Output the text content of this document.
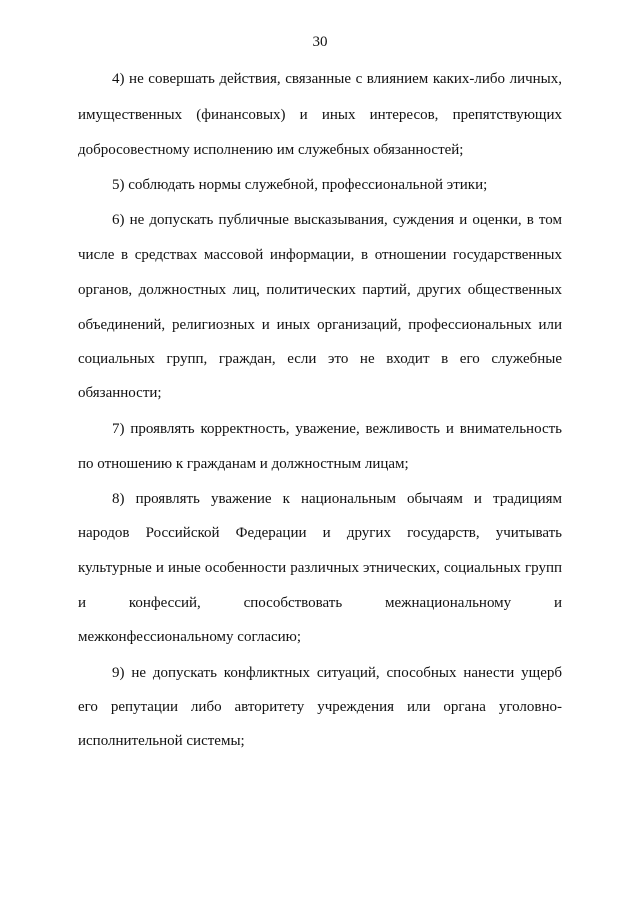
30
4) не совершать действия, связанные с влиянием каких-либо личных,
имущественных (финансовых) и иных интересов, препятствующих
добросовестному исполнению им служебных обязанностей;
5) соблюдать нормы служебной, профессиональной этики;
6) не допускать публичные высказывания, суждения и оценки, в том
числе в средствах массовой информации, в отношении государственных
органов, должностных лиц, политических партий, других общественных
объединений, религиозных и иных организаций, профессиональных или
социальных групп, граждан, если это не входит в его служебные
обязанности;
7) проявлять корректность, уважение, вежливость и внимательность
по отношению к гражданам и должностным лицам;
8) проявлять уважение к национальным обычаям и традициям
народов Российской Федерации и других государств, учитывать
культурные и иные особенности различных этнических, социальных групп
и конфессий, способствовать межнациональному и
межконфессиональному согласию;
9) не допускать конфликтных ситуаций, способных нанести ущерб
его репутации либо авторитету учреждения или органа уголовно-
исполнительной системы;
